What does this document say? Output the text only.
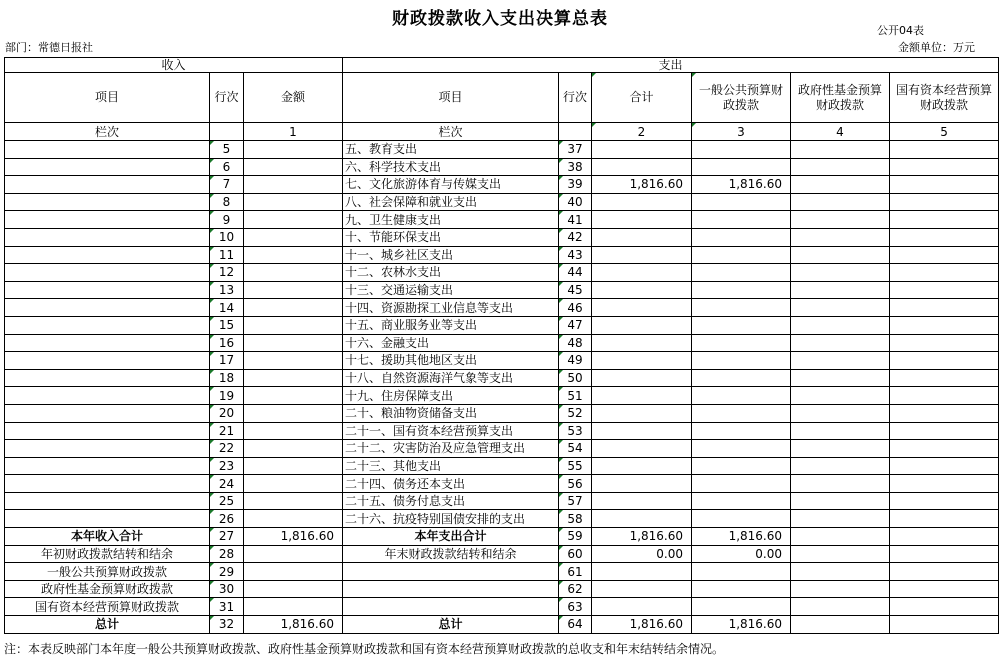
财政拨款收入支出决算总表
公开04表
部门：常德日报社	金额单位：万元
收入			支出					
项目	行次	金额	项目	行次	合计	一般公共预算财政拨款	政府性基金预算财政拨款	国有资本经营预算财政拨款
栏次		1	栏次		2	3	4	5
	5		五、教育支出	37				
	6		六、科学技术支出	38				
	7		七、文化旅游体育与传媒支出	39	1,816.60	1,816.60		
	8		八、社会保障和就业支出	40				
	9		九、卫生健康支出	41				
	10		十、节能环保支出	42				
	11		十一、城乡社区支出	43				
	12		十二、农林水支出	44				
	13		十三、交通运输支出	45				
	14		十四、资源勘探工业信息等支出	46				
	15		十五、商业服务业等支出	47				
	16		十六、金融支出	48				
	17		十七、援助其他地区支出	49				
	18		十八、自然资源海洋气象等支出	50				
	19		十九、住房保障支出	51				
	20		二十、粮油物资储备支出	52				
	21		二十一、国有资本经营预算支出	53				
	22		二十二、灾害防治及应急管理支出	54				
	23		二十三、其他支出	55				
	24		二十四、债务还本支出	56				
	25		二十五、债务付息支出	57				
	26		二十六、抗疫特别国债安排的支出	58				
本年收入合计	27	1,816.60	本年支出合计	59	1,816.60	1,816.60		
年初财政拨款结转和结余	28		年末财政拨款结转和结余	60	0.00	0.00		
一般公共预算财政拨款	29			61				
政府性基金预算财政拨款	30			62				
国有资本经营预算财政拨款	31			63				
总计	32	1,816.60	总计	64	1,816.60	1,816.60		
注：本表反映部门本年度一般公共预算财政拨款、政府性基金预算财政拨款和国有资本经营预算财政拨款的总收支和年末结转结余情况。
